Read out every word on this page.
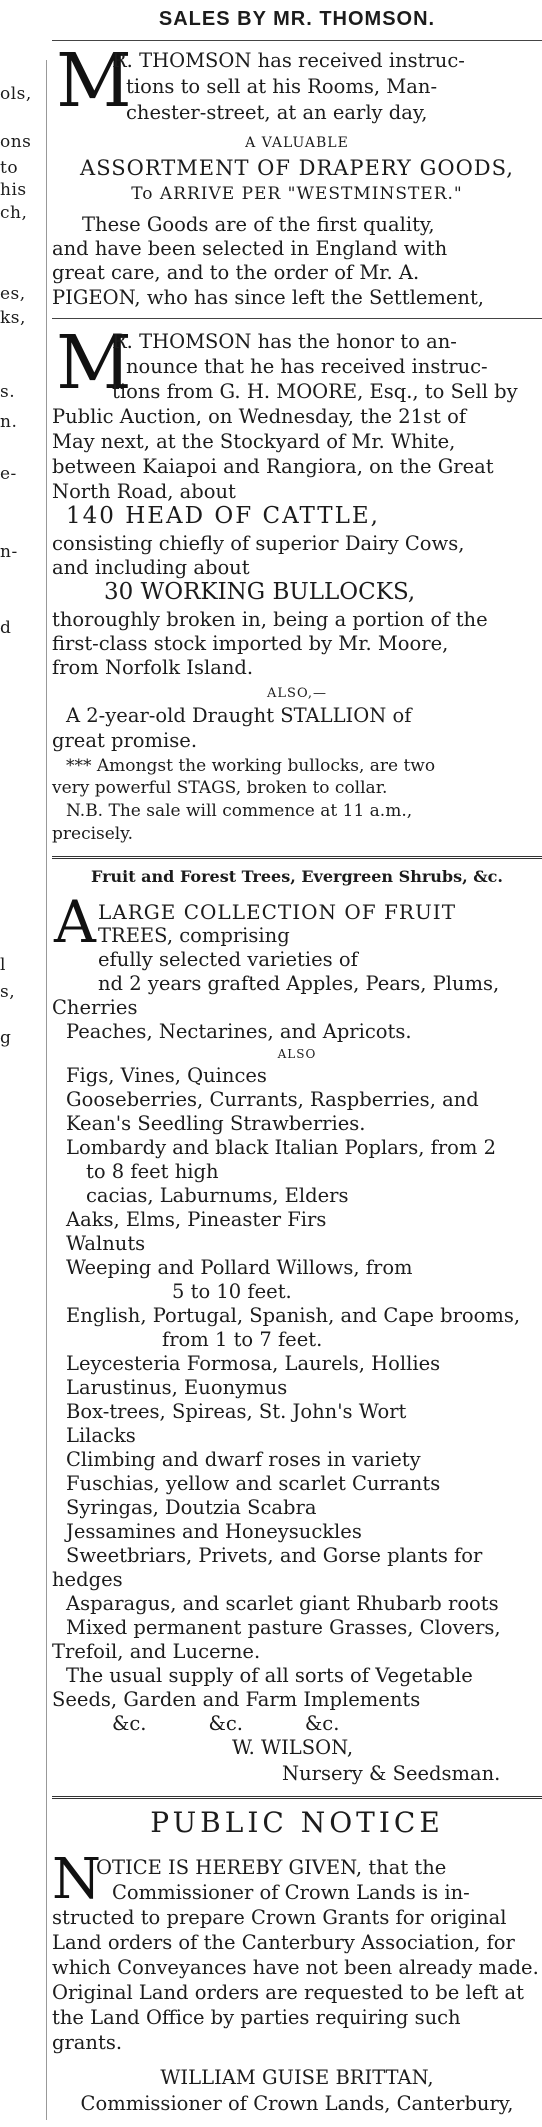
ols,
ons
to
his
ch,
es,
ks,
s.
n.
e-
n-
d
l
s,
g
SALES BY MR. THOMSON.
M
R. THOMSON has received instruc-
tions to sell at his Rooms, Man-
chester-street, at an early day,
A VALUABLE
ASSORTMENT OF DRAPERY GOODS,
To ARRIVE PER "WESTMINSTER."
These Goods are of the first quality,
and have been selected in England with
great care, and to the order of Mr. A.
PIGEON, who has since left the Settlement,
M
R. THOMSON has the honor to an-
nounce that he has received instruc-
tions from G. H. MOORE, Esq., to Sell by
Public Auction, on Wednesday, the 21st of
May next, at the Stockyard of Mr. White,
between Kaiapoi and Rangiora, on the Great
North Road, about
140 HEAD OF CATTLE,
consisting chiefly of superior Dairy Cows,
and including about
30 WORKING BULLOCKS,
thoroughly broken in, being a portion of the
first-class stock imported by Mr. Moore,
from Norfolk Island.
ALSO,—
A 2-year-old Draught STALLION of
great promise.
*** Amongst the working bullocks, are two
very powerful STAGS, broken to collar.
N.B. The sale will commence at 11 a.m.,
precisely.
Fruit and Forest Trees, Evergreen Shrubs, &c.
A LARGE COLLECTION OF FRUIT
TREES, comprising
efully selected varieties of
nd 2 years grafted Apples, Pears, Plums,
Cherries
Peaches, Nectarines, and Apricots.
ALSO
Figs, Vines, Quinces
Gooseberries, Currants, Raspberries, and
Kean's Seedling Strawberries.
Lombardy and black Italian Poplars, from 2
to 8 feet high
cacias, Laburnums, Elders
Aaks, Elms, Pineaster Firs
Walnuts
Weeping and Pollard Willows, from
5 to 10 feet.
English, Portugal, Spanish, and Cape brooms,
from 1 to 7 feet.
Leycesteria Formosa, Laurels, Hollies
Larustinus, Euonymus
Box-trees, Spireas, St. John's Wort
Lilacks
Climbing and dwarf roses in variety
Fuschias, yellow and scarlet Currants
Syringas, Doutzia Scabra
Jessamines and Honeysuckles
Sweetbriars, Privets, and Gorse plants for
hedges
Asparagus, and scarlet giant Rhubarb roots
Mixed permanent pasture Grasses, Clovers,
Trefoil, and Lucerne.
The usual supply of all sorts of Vegetable
Seeds, Garden and Farm Implements
&c.          &c.          &c.
W. WILSON,
Nursery & Seedsman.
PUBLIC NOTICE
N
OTICE IS HEREBY GIVEN, that the
Commissioner of Crown Lands is in-
structed to prepare Crown Grants for original
Land orders of the Canterbury Association, for
which Conveyances have not been already made.
Original Land orders are requested to be left at
the Land Office by parties requiring such
grants.
WILLIAM GUISE BRITTAN,
Commissioner of Crown Lands, Canterbury,
